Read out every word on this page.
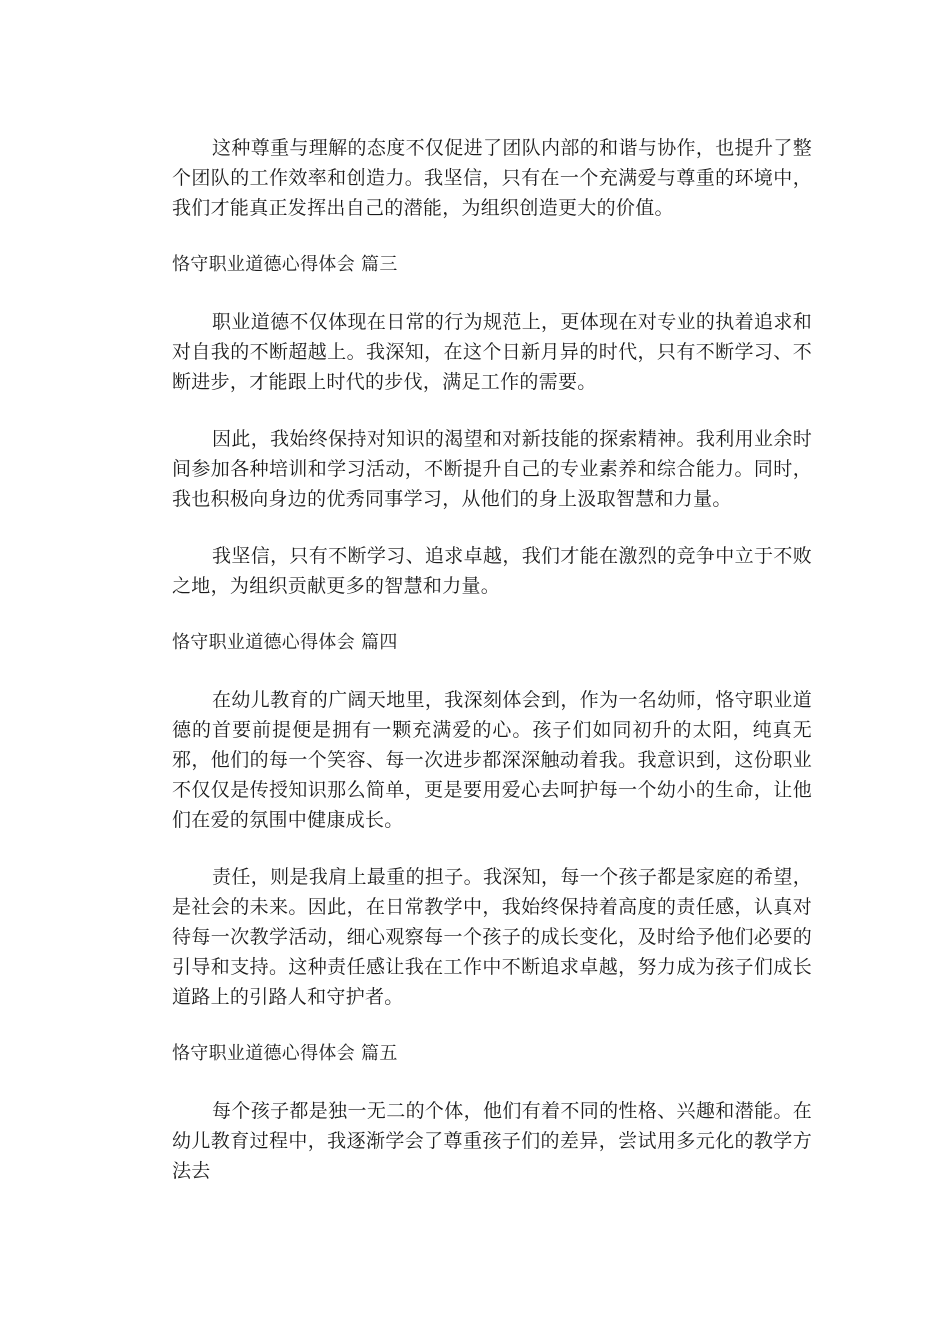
这种尊重与理解的态度不仅促进了团队内部的和谐与协作，也提升了整个团队的工作效率和创造力。我坚信，只有在一个充满爱与尊重的环境中，我们才能真正发挥出自己的潜能，为组织创造更大的价值。

恪守职业道德心得体会 篇三

职业道德不仅体现在日常的行为规范上，更体现在对专业的执着追求和对自我的不断超越上。我深知，在这个日新月异的时代，只有不断学习、不断进步，才能跟上时代的步伐，满足工作的需要。

因此，我始终保持对知识的渴望和对新技能的探索精神。我利用业余时间参加各种培训和学习活动，不断提升自己的专业素养和综合能力。同时，我也积极向身边的优秀同事学习，从他们的身上汲取智慧和力量。

我坚信，只有不断学习、追求卓越，我们才能在激烈的竞争中立于不败之地，为组织贡献更多的智慧和力量。

恪守职业道德心得体会 篇四

在幼儿教育的广阔天地里，我深刻体会到，作为一名幼师，恪守职业道德的首要前提便是拥有一颗充满爱的心。孩子们如同初升的太阳，纯真无邪，他们的每一个笑容、每一次进步都深深触动着我。我意识到，这份职业不仅仅是传授知识那么简单，更是要用爱心去呵护每一个幼小的生命，让他们在爱的氛围中健康成长。

责任，则是我肩上最重的担子。我深知，每一个孩子都是家庭的希望，是社会的未来。因此，在日常教学中，我始终保持着高度的责任感，认真对待每一次教学活动，细心观察每一个孩子的成长变化，及时给予他们必要的引导和支持。这种责任感让我在工作中不断追求卓越，努力成为孩子们成长道路上的引路人和守护者。

恪守职业道德心得体会 篇五

每个孩子都是独一无二的个体，他们有着不同的性格、兴趣和潜能。在幼儿教育过程中，我逐渐学会了尊重孩子们的差异，尝试用多元化的教学方法去
